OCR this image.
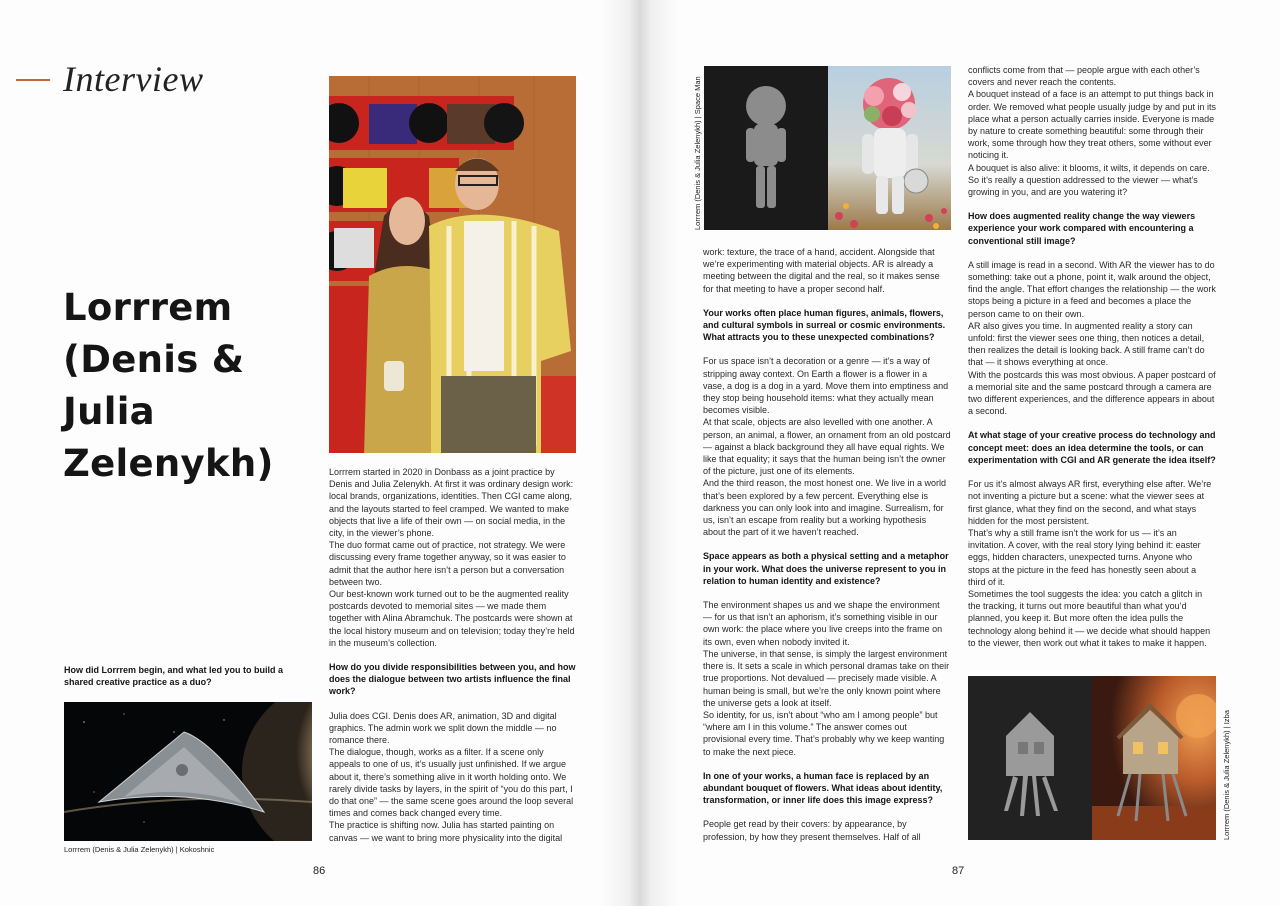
Interview
Lorrrem
(Denis &
Julia
Zelenykh)
How did Lorrrem begin, and what led you to build a shared creative practice as a duo?
Lorrrem (Denis & Julia Zelenykh) | Kokoshnic

Lorrrem started in 2020 in Donbass as a joint practice by Denis and Julia Zelenykh. At first it was ordinary design work: local brands, organizations, identities. Then CGI came along, and the layouts started to feel cramped. We wanted to make objects that live a life of their own — on social media, in the city, in the viewer’s phone.

The duo format came out of practice, not strategy. We were discussing every frame together anyway, so it was easier to admit that the author here isn’t a person but a conversation between two.

Our best-known work turned out to be the augmented reality postcards devoted to memorial sites — we made them together with Alina Abramchuk. The postcards were shown at the local history museum and on television; today they’re held in the museum’s collection.

How do you divide responsibilities between you, and how does the dialogue between two artists influence the final work?

Julia does CGI. Denis does AR, animation, 3D and digital graphics. The admin work we split down the middle — no romance there.

The dialogue, though, works as a filter. If a scene only appeals to one of us, it’s usually just unfinished. If we argue about it, there’s something alive in it worth holding onto. We rarely divide tasks by layers, in the spirit of “you do this part, I do that one” — the same scene goes around the loop several times and comes back changed every time.

The practice is shifting now. Julia has started painting on canvas — we want to bring more physicality into the digital

86
Lorrrem (Denis & Julia Zelenykh) | Space Man

work: texture, the trace of a hand, accident. Alongside that we’re experimenting with material objects. AR is already a meeting between the digital and the real, so it makes sense for that meeting to have a proper second half.

Your works often place human figures, animals, flowers, and cultural symbols in surreal or cosmic environments. What attracts you to these unexpected combinations?

For us space isn’t a decoration or a genre — it’s a way of stripping away context. On Earth a flower is a flower in a vase, a dog is a dog in a yard. Move them into emptiness and they stop being household items: what they actually mean becomes visible.

At that scale, objects are also levelled with one another. A person, an animal, a flower, an ornament from an old postcard — against a black background they all have equal rights. We like that equality; it says that the human being isn’t the owner of the picture, just one of its elements.

And the third reason, the most honest one. We live in a world that’s been explored by a few percent. Everything else is darkness you can only look into and imagine. Surrealism, for us, isn’t an escape from reality but a working hypothesis about the part of it we haven’t reached.

Space appears as both a physical setting and a metaphor in your work. What does the universe represent to you in relation to human identity and existence?

The environment shapes us and we shape the environment — for us that isn’t an aphorism, it’s something visible in our own work: the place where you live creeps into the frame on its own, even when nobody invited it.

The universe, in that sense, is simply the largest environment there is. It sets a scale in which personal dramas take on their true proportions. Not devalued — precisely made visible. A human being is small, but we’re the only known point where the universe gets a look at itself.

So identity, for us, isn’t about “who am I among people” but “where am I in this volume.” The answer comes out provisional every time. That’s probably why we keep wanting to make the next piece.

In one of your works, a human face is replaced by an abundant bouquet of flowers. What ideas about identity, transformation, or inner life does this image express?

People get read by their covers: by appearance, by profession, by how they present themselves. Half of all

conflicts come from that — people argue with each other’s covers and never reach the contents.

A bouquet instead of a face is an attempt to put things back in order. We removed what people usually judge by and put in its place what a person actually carries inside. Everyone is made by nature to create something beautiful: some through their work, some through how they treat others, some without ever noticing it.

A bouquet is also alive: it blooms, it wilts, it depends on care. So it’s really a question addressed to the viewer — what’s growing in you, and are you watering it?

How does augmented reality change the way viewers experience your work compared with encountering a conventional still image?

A still image is read in a second. With AR the viewer has to do something: take out a phone, point it, walk around the object, find the angle. That effort changes the relationship — the work stops being a picture in a feed and becomes a place the person came to on their own.

AR also gives you time. In augmented reality a story can unfold: first the viewer sees one thing, then notices a detail, then realizes the detail is looking back. A still frame can’t do that — it shows everything at once.

With the postcards this was most obvious. A paper postcard of a memorial site and the same postcard through a camera are two different experiences, and the difference appears in about a second.

At what stage of your creative process do technology and concept meet: does an idea determine the tools, or can experimentation with CGI and AR generate the idea itself?

For us it’s almost always AR first, everything else after. We’re not inventing a picture but a scene: what the viewer sees at first glance, what they find on the second, and what stays hidden for the most persistent.

That’s why a still frame isn’t the work for us — it’s an invitation. A cover, with the real story lying behind it: easter eggs, hidden characters, unexpected turns. Anyone who stops at the picture in the feed has honestly seen about a third of it.

Sometimes the tool suggests the idea: you catch a glitch in the tracking, it turns out more beautiful than what you’d planned, you keep it. But more often the idea pulls the technology along behind it — we decide what should happen to the viewer, then work out what it takes to make it happen.

Lorrrem (Denis & Julia Zelenykh) | Izba
87
